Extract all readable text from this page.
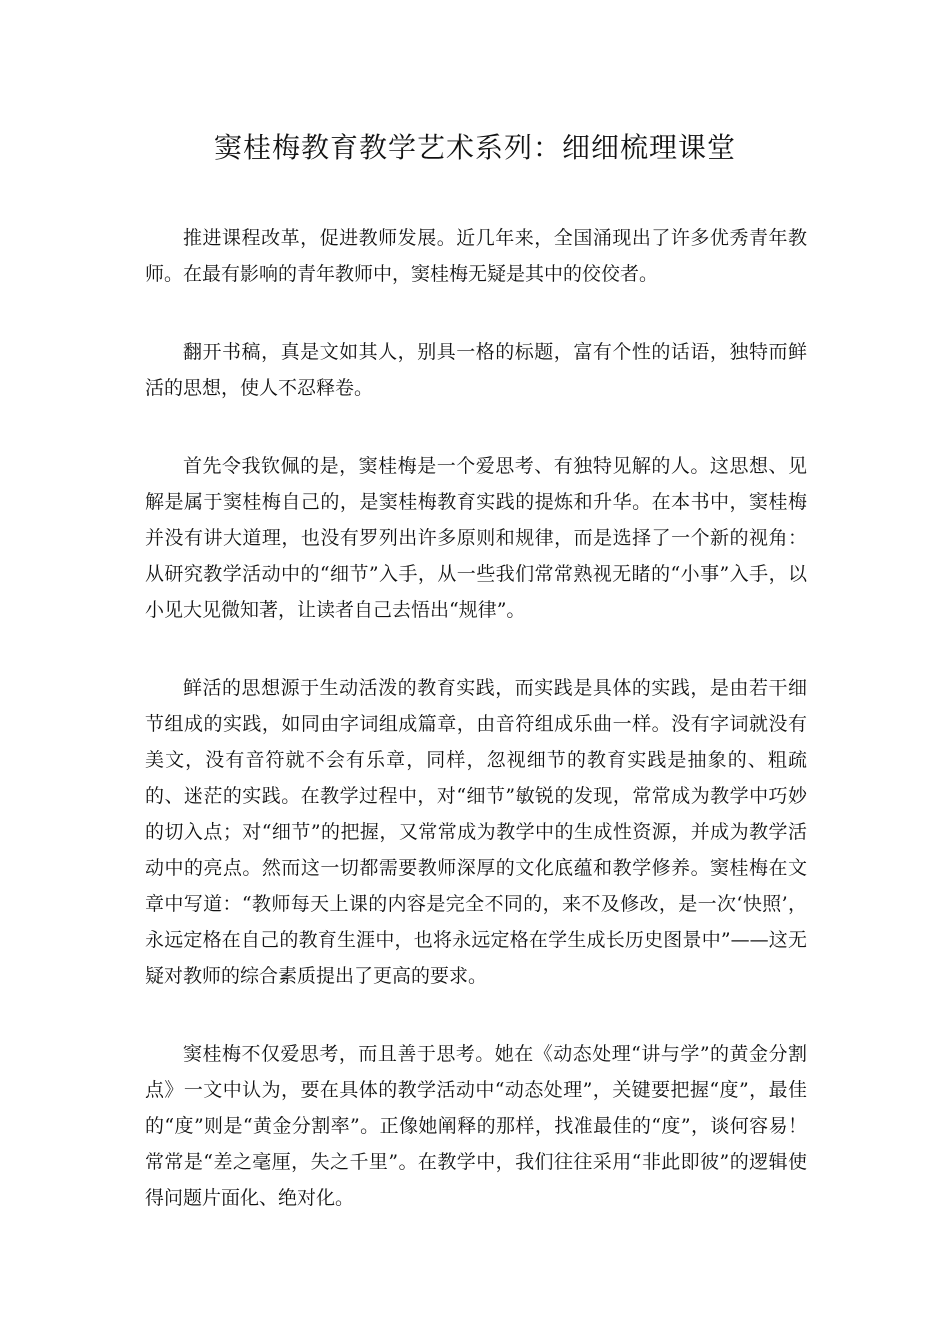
窦桂梅教育教学艺术系列：细细梳理课堂

推进课程改革，促进教师发展。近几年来，全国涌现出了许多优秀青年教师。在最有影响的青年教师中，窦桂梅无疑是其中的佼佼者。

翻开书稿，真是文如其人，别具一格的标题，富有个性的话语，独特而鲜活的思想，使人不忍释卷。

首先令我钦佩的是，窦桂梅是一个爱思考、有独特见解的人。这思想、见解是属于窦桂梅自己的，是窦桂梅教育实践的提炼和升华。在本书中，窦桂梅并没有讲大道理，也没有罗列出许多原则和规律，而是选择了一个新的视角：从研究教学活动中的“细节”入手，从一些我们常常熟视无睹的“小事”入手，以小见大见微知著，让读者自己去悟出“规律”。

鲜活的思想源于生动活泼的教育实践，而实践是具体的实践，是由若干细节组成的实践，如同由字词组成篇章，由音符组成乐曲一样。没有字词就没有美文，没有音符就不会有乐章，同样，忽视细节的教育实践是抽象的、粗疏的、迷茫的实践。在教学过程中，对“细节”敏锐的发现，常常成为教学中巧妙的切入点；对“细节”的把握，又常常成为教学中的生成性资源，并成为教学活动中的亮点。然而这一切都需要教师深厚的文化底蕴和教学修养。窦桂梅在文章中写道：“教师每天上课的内容是完全不同的，来不及修改，是一次‘快照’，永远定格在自己的教育生涯中，也将永远定格在学生成长历史图景中”——这无疑对教师的综合素质提出了更高的要求。

窦桂梅不仅爱思考，而且善于思考。她在《动态处理“讲与学”的黄金分割点》一文中认为，要在具体的教学活动中“动态处理”，关键要把握“度”，最佳的“度”则是“黄金分割率”。正像她阐释的那样，找准最佳的“度”，谈何容易！常常是“差之毫厘，失之千里”。在教学中，我们往往采用“非此即彼”的逻辑使得问题片面化、绝对化。
